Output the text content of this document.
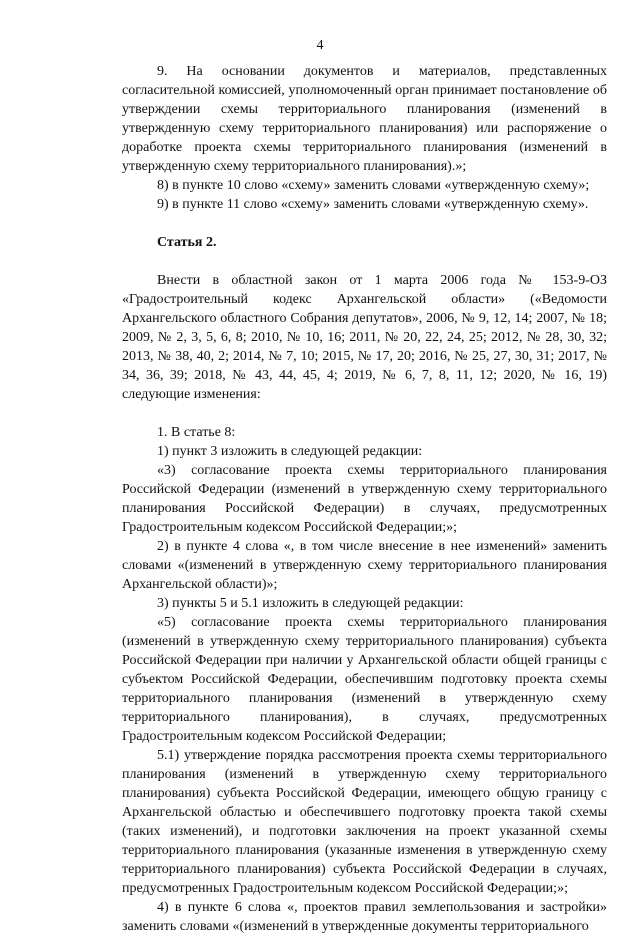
4

9. На основании документов и материалов, представленных согласительной комиссией, уполномоченный орган принимает постановление об утверждении схемы территориального планирования (изменений в утвержденную схему территориального планирования) или распоряжение о доработке проекта схемы территориального планирования (изменений в утвержденную схему территориального планирования).»;

8) в пункте 10 слово «схему» заменить словами «утвержденную схему»;

9) в пункте 11 слово «схему» заменить словами «утвержденную схему».

Статья 2.

Внести в областной закон от 1 марта 2006 года № 153-9-ОЗ «Градостроительный кодекс Архангельской области» («Ведомости Архангельского областного Собрания депутатов», 2006, № 9, 12, 14; 2007, № 18; 2009, № 2, 3, 5, 6, 8; 2010, № 10, 16; 2011, № 20, 22, 24, 25; 2012, № 28, 30, 32; 2013, № 38, 40, 2; 2014, № 7, 10; 2015, № 17, 20; 2016, № 25, 27, 30, 31; 2017, № 34, 36, 39; 2018, № 43, 44, 45, 4; 2019, № 6, 7, 8, 11, 12; 2020, № 16, 19) следующие изменения:

1. В статье 8:

1) пункт 3 изложить в следующей редакции:

«3) согласование проекта схемы территориального планирования Российской Федерации (изменений в утвержденную схему территориального планирования Российской Федерации) в случаях, предусмотренных Градостроительным кодексом Российской Федерации;»;

2) в пункте 4 слова «, в том числе внесение в нее изменений» заменить словами «(изменений в утвержденную схему территориального планирования Архангельской области)»;

3) пункты 5 и 5.1 изложить в следующей редакции:

«5) согласование проекта схемы территориального планирования (изменений в утвержденную схему территориального планирования) субъекта Российской Федерации при наличии у Архангельской области общей границы с субъектом Российской Федерации, обеспечившим подготовку проекта схемы территориального планирования (изменений в утвержденную схему территориального планирования), в случаях, предусмотренных Градостроительным кодексом Российской Федерации;

5.1) утверждение порядка рассмотрения проекта схемы территориального планирования (изменений в утвержденную схему территориального планирования) субъекта Российской Федерации, имеющего общую границу с Архангельской областью и обеспечившего подготовку проекта такой схемы (таких изменений), и подготовки заключения на проект указанной схемы территориального планирования (указанные изменения в утвержденную схему территориального планирования) субъекта Российской Федерации в случаях, предусмотренных Градостроительным кодексом Российской Федерации;»;

4) в пункте 6 слова «, проектов правил землепользования и застройки» заменить словами «(изменений в утвержденные документы территориального
